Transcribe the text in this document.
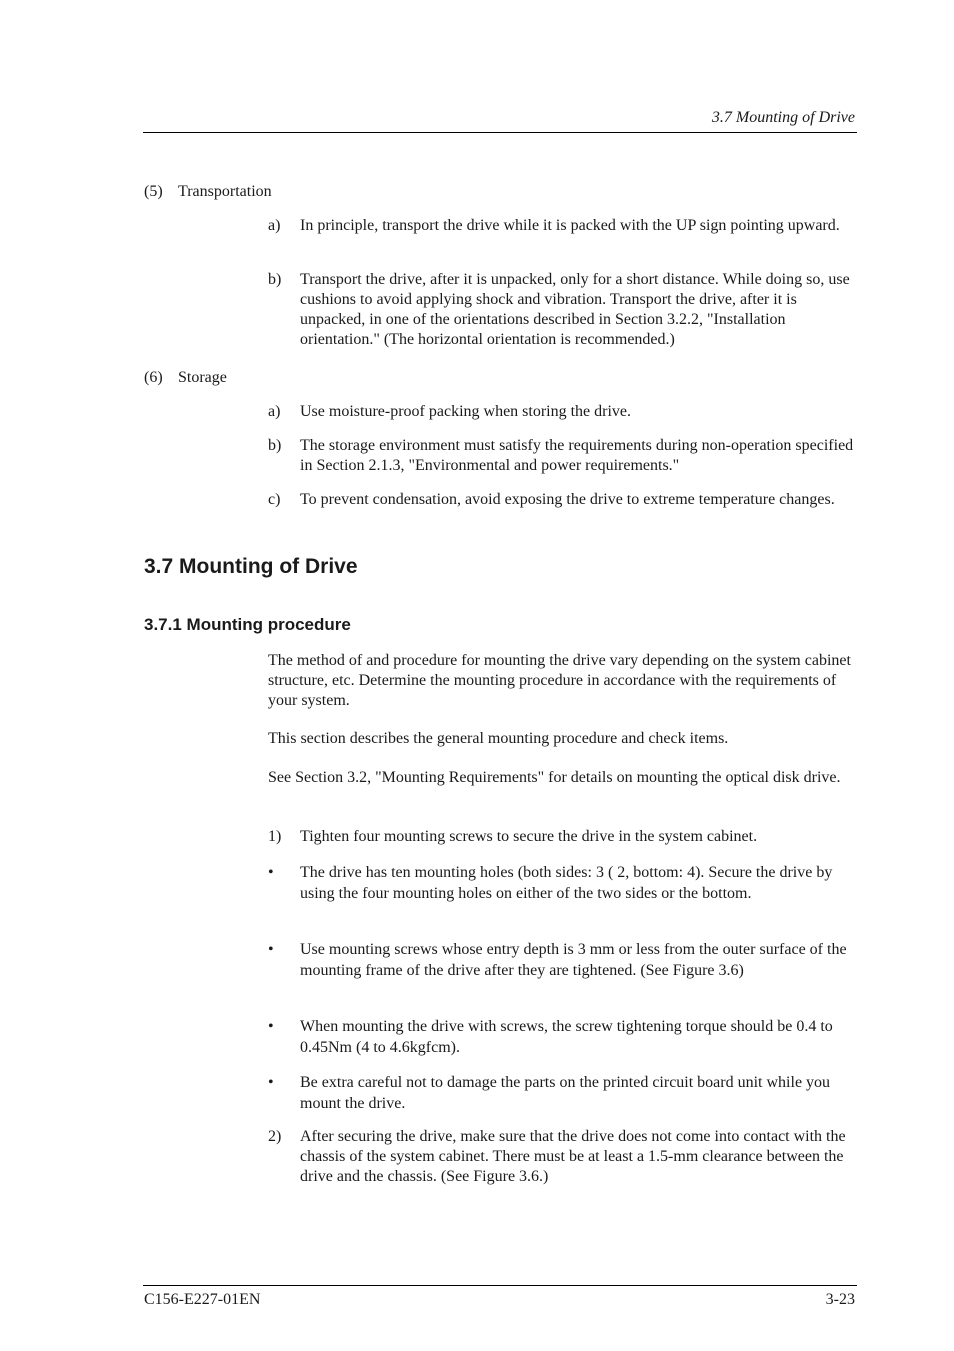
3.7 Mounting of Drive
(5) Transportation
a)	In principle, transport the drive while it is packed with the UP sign pointing upward.
b)	Transport the drive, after it is unpacked, only for a short distance. While doing so, use cushions to avoid applying shock and vibration. Transport the drive, after it is unpacked, in one of the orientations described in Section 3.2.2, "Installation orientation." (The horizontal orientation is recommended.)
(6) Storage
a)	Use moisture-proof packing when storing the drive.
b)	The storage environment must satisfy the requirements during non-operation specified in Section 2.1.3, "Environmental and power requirements."
c)	To prevent condensation, avoid exposing the drive to extreme temperature changes.
3.7 Mounting of Drive
3.7.1 Mounting procedure
The method of and procedure for mounting the drive vary depending on the system cabinet structure, etc. Determine the mounting procedure in accordance with the requirements of your system.
This section describes the general mounting procedure and check items.
See Section 3.2, "Mounting Requirements" for details on mounting the optical disk drive.
1)	Tighten four mounting screws to secure the drive in the system cabinet.
•	The drive has ten mounting holes (both sides: 3 ( 2, bottom: 4). Secure the drive by using the four mounting holes on either of the two sides or the bottom.
•	Use mounting screws whose entry depth is 3 mm or less from the outer surface of the mounting frame of the drive after they are tightened. (See Figure 3.6)
•	When mounting the drive with screws, the screw tightening torque should be 0.4 to 0.45Nm (4 to 4.6kgfcm).
•	Be extra careful not to damage the parts on the printed circuit board unit while you mount the drive.
2)	After securing the drive, make sure that the drive does not come into contact with the chassis of the system cabinet. There must be at least a 1.5-mm clearance between the drive and the chassis. (See Figure 3.6.)
C156-E227-01EN	3-23
